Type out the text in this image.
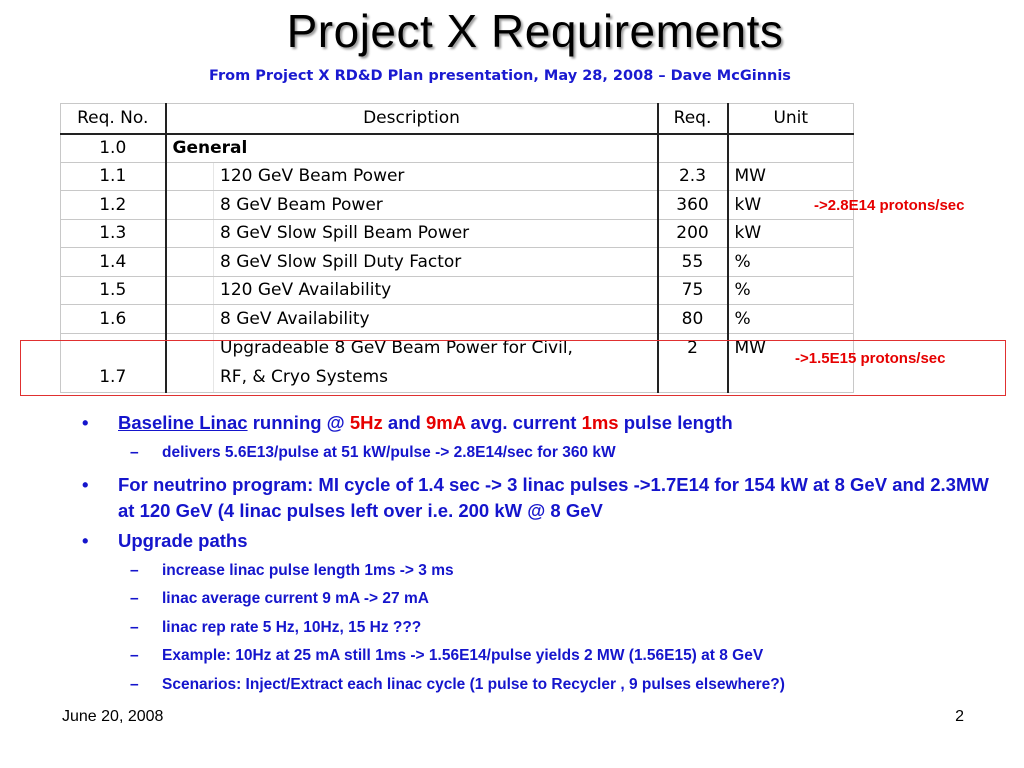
Project X Requirements
From Project X RD&D Plan presentation, May 28, 2008 – Dave McGinnis
Req. No.	Description		Req.	Unit
1.0	General			
1.1		120 GeV Beam Power	2.3	MW
1.2		8 GeV Beam Power	360	kW
1.3		8 GeV Slow Spill Beam Power	200	kW
1.4		8 GeV Slow Spill Duty Factor	55	%
1.5		120 GeV Availability	75	%
1.6		8 GeV Availability	80	%
1.7		Upgradeable 8 GeV Beam Power for Civil,
RF, & Cryo Systems	2	MW
->2.8E14 protons/sec
->1.5E15 protons/sec
• Baseline Linac running @ 5Hz and 9mA avg. current 1ms pulse length
– delivers 5.6E13/pulse at 51 kW/pulse -> 2.8E14/sec for 360 kW
• For neutrino program: MI cycle of 1.4 sec -> 3 linac pulses ->1.7E14 for 154 kW at 8 GeV and 2.3MW at 120 GeV (4 linac pulses left over i.e. 200 kW @ 8 GeV
• Upgrade paths
– increase linac pulse length 1ms -> 3 ms
– linac average current 9 mA -> 27 mA
– linac rep rate 5 Hz, 10Hz, 15 Hz ???
– Example: 10Hz at 25 mA still 1ms -> 1.56E14/pulse yields 2 MW (1.56E15) at 8 GeV
– Scenarios: Inject/Extract each linac cycle (1 pulse to Recycler , 9 pulses elsewhere?)
June 20, 2008	2
